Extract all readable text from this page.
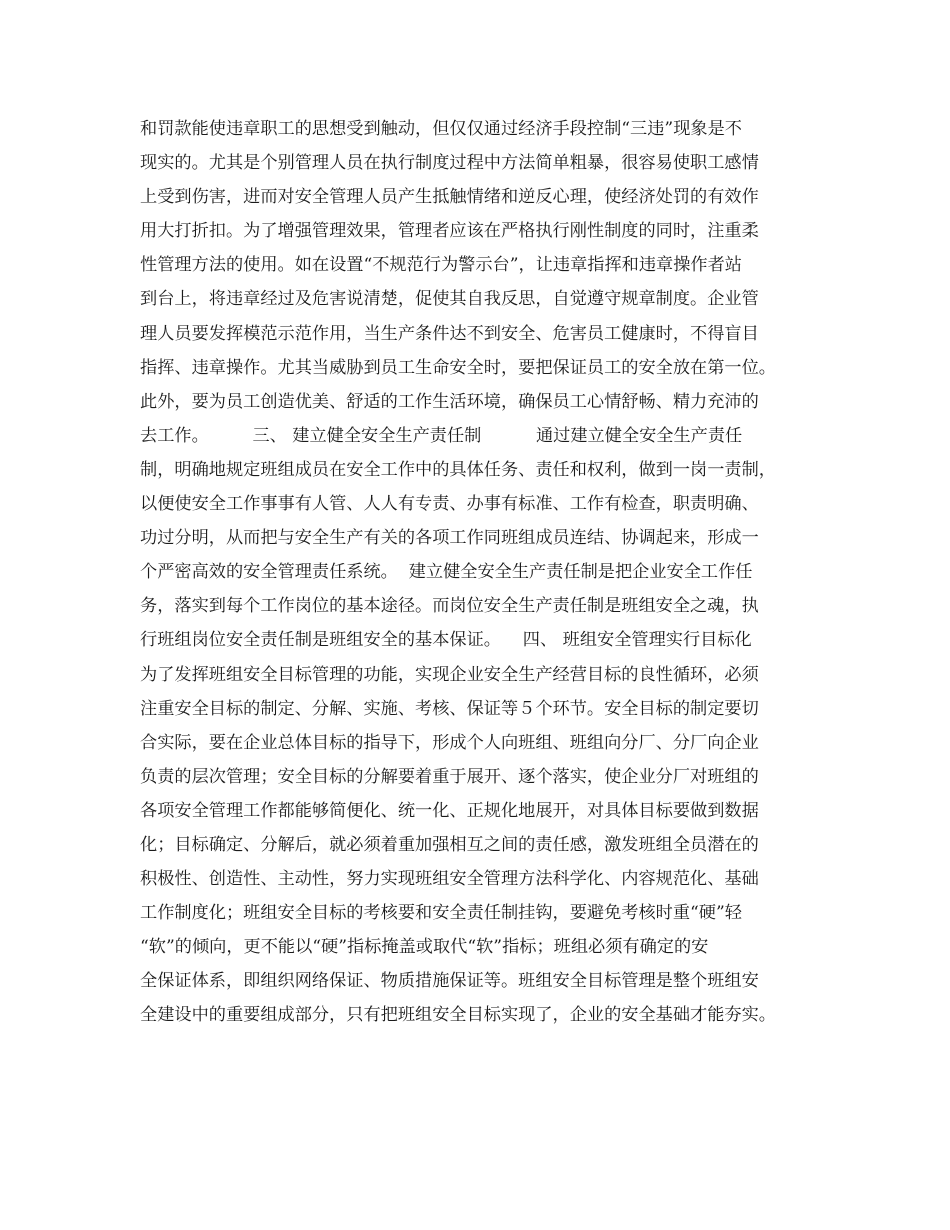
和罚款能使违章职工的思想受到触动，但仅仅通过经济手段控制“三违”现象是不
现实的。尤其是个别管理人员在执行制度过程中方法简单粗暴，很容易使职工感情
上受到伤害，进而对安全管理人员产生抵触情绪和逆反心理，使经济处罚的有效作
用大打折扣。为了增强管理效果，管理者应该在严格执行刚性制度的同时，注重柔
性管理方法的使用。如在设置“不规范行为警示台”，让违章指挥和违章操作者站
到台上，将违章经过及危害说清楚，促使其自我反思，自觉遵守规章制度。企业管
理人员要发挥模范示范作用，当生产条件达不到安全、危害员工健康时，不得盲目
指挥、违章操作。尤其当威胁到员工生命安全时，要把保证员工的安全放在第一位。
此外，要为员工创造优美、舒适的工作生活环境，确保员工心情舒畅、精力充沛的
去工作。        三、 建立健全安全生产责任制          通过建立健全安全生产责任
制，明确地规定班组成员在安全工作中的具体任务、责任和权利，做到一岗一责制，
以便使安全工作事事有人管、人人有专责、办事有标准、工作有检查，职责明确、
功过分明，从而把与安全生产有关的各项工作同班组成员连结、协调起来，形成一
个严密高效的安全管理责任系统。  建立健全安全生产责任制是把企业安全工作任
务，落实到每个工作岗位的基本途径。而岗位安全生产责任制是班组安全之魂，执
行班组岗位安全责任制是班组安全的基本保证。    四、 班组安全管理实行目标化
为了发挥班组安全目标管理的功能，实现企业安全生产经营目标的良性循环，必须
注重安全目标的制定、分解、实施、考核、保证等５个环节。安全目标的制定要切
合实际，要在企业总体目标的指导下，形成个人向班组、班组向分厂、分厂向企业
负责的层次管理；安全目标的分解要着重于展开、逐个落实，使企业分厂对班组的
各项安全管理工作都能够简便化、统一化、正规化地展开，对具体目标要做到数据
化；目标确定、分解后，就必须着重加强相互之间的责任感，激发班组全员潜在的
积极性、创造性、主动性，努力实现班组安全管理方法科学化、内容规范化、基础
工作制度化；班组安全目标的考核要和安全责任制挂钩，要避免考核时重“硬”轻
“软”的倾向，更不能以“硬”指标掩盖或取代“软”指标；班组必须有确定的安
全保证体系，即组织网络保证、物质措施保证等。班组安全目标管理是整个班组安
全建设中的重要组成部分，只有把班组安全目标实现了，企业的安全基础才能夯实。
